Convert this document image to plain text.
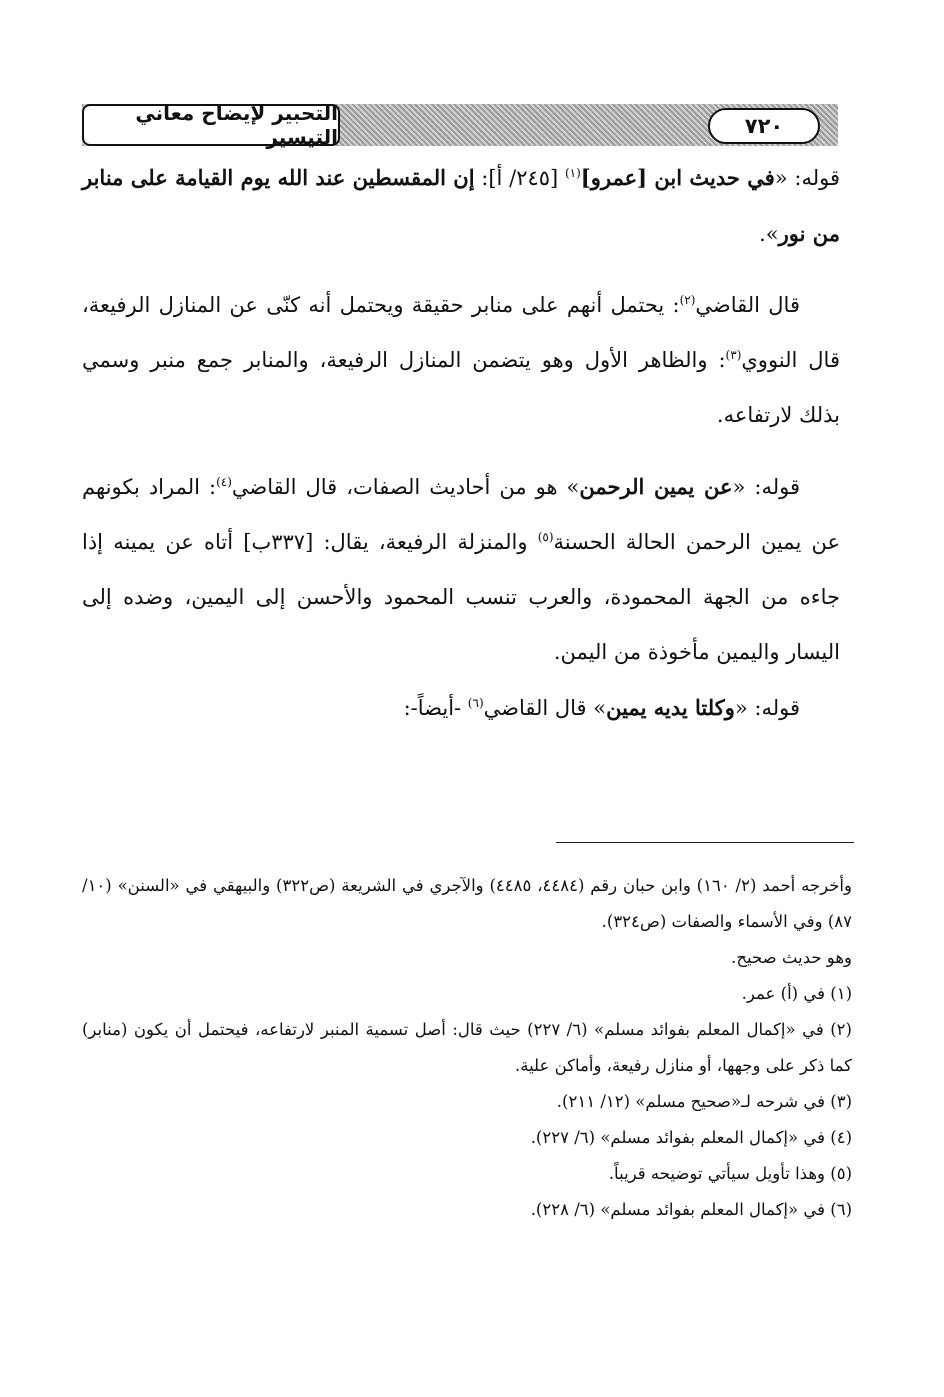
التحبير لإيضاح معاني التيسير	٧٢٠

قوله: «في حديث ابن [عمرو]$^{(١)}$ [٢٤٥/ أ]: إن المقسطين عند الله يوم القيامة على منابر من نور».

قال القاضي$^{(٢)}$: يحتمل أنهم على منابر حقيقة ويحتمل أنه كنّى عن المنازل الرفيعة، قال النووي$^{(٣)}$: والظاهر الأول وهو يتضمن المنازل الرفيعة، والمنابر جمع منبر وسمي بذلك لارتفاعه.

قوله: «عن يمين الرحمن» هو من أحاديث الصفات، قال القاضي$^{(٤)}$: المراد بكونهم عن يمين الرحمن الحالة الحسنة$^{(٥)}$ والمنزلة الرفيعة، يقال: [٣٣٧ب] أتاه عن يمينه إذا جاءه من الجهة المحمودة، والعرب تنسب المحمود والأحسن إلى اليمين، وضده إلى اليسار واليمين مأخوذة من اليمن.

قوله: «وكلتا يديه يمين» قال القاضي$^{(٦)}$ -أيضاً-:

وأخرجه أحمد (٢/ ١٦٠) وابن حبان رقم (٤٤٨٤، ٤٤٨٥) والآجري في الشريعة (ص٣٢٢) والبيهقي في «السنن» (١٠/ ٨٧) وفي الأسماء والصفات (ص٣٢٤).

وهو حديث صحيح.

(١) في (أ) عمر.

(٢) في «إكمال المعلم بفوائد مسلم» (٦/ ٢٢٧) حيث قال: أصل تسمية المنبر لارتفاعه، فيحتمل أن يكون (منابر) كما ذكر على وجهها، أو منازل رفيعة، وأماكن علية.

(٣) في شرحه لـ«صحيح مسلم» (١٢/ ٢١١).

(٤) في «إكمال المعلم بفوائد مسلم» (٦/ ٢٢٧).

(٥) وهذا تأويل سيأتي توضيحه قريباً.

(٦) في «إكمال المعلم بفوائد مسلم» (٦/ ٢٢٨).
